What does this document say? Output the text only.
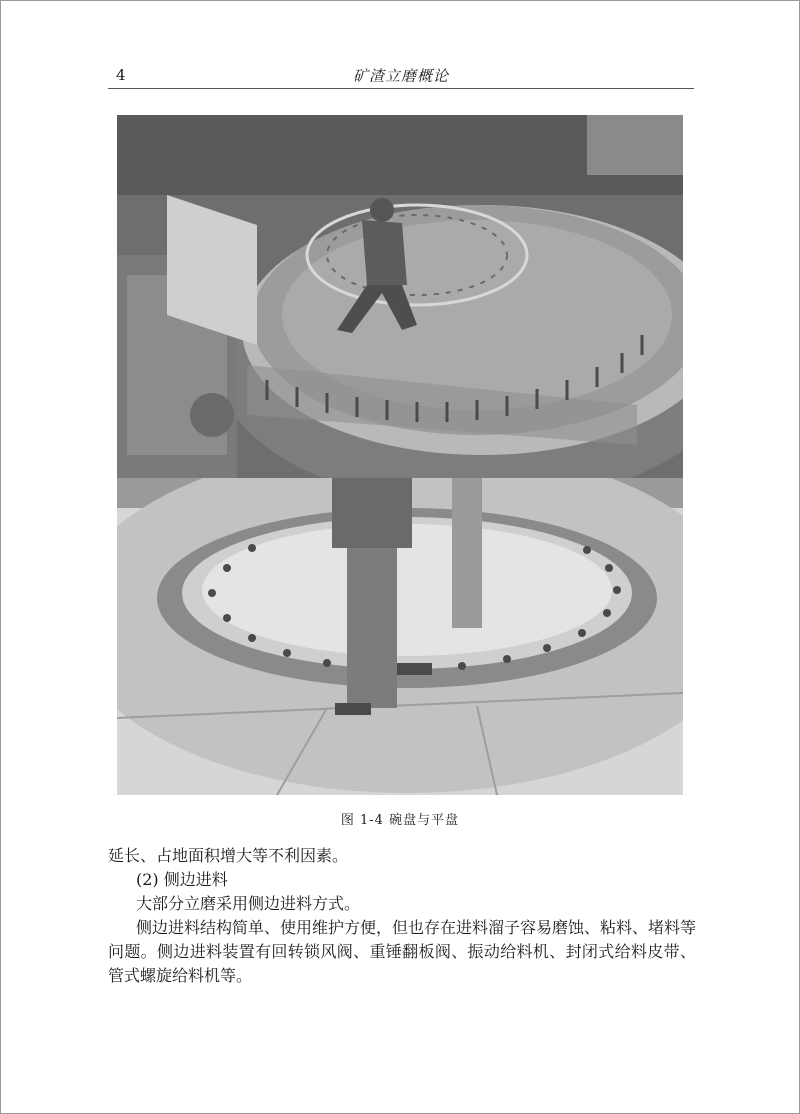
4	矿渣立磨概论
图 1-4 碗盘与平盘
延长、占地面积增大等不利因素。
(2) 侧边进料
大部分立磨采用侧边进料方式。
侧边进料结构简单、使用维护方便，但也存在进料溜子容易磨蚀、粘料、堵料等问题。侧边进料装置有回转锁风阀、重锤翻板阀、振动给料机、封闭式给料皮带、管式螺旋给料机等。
